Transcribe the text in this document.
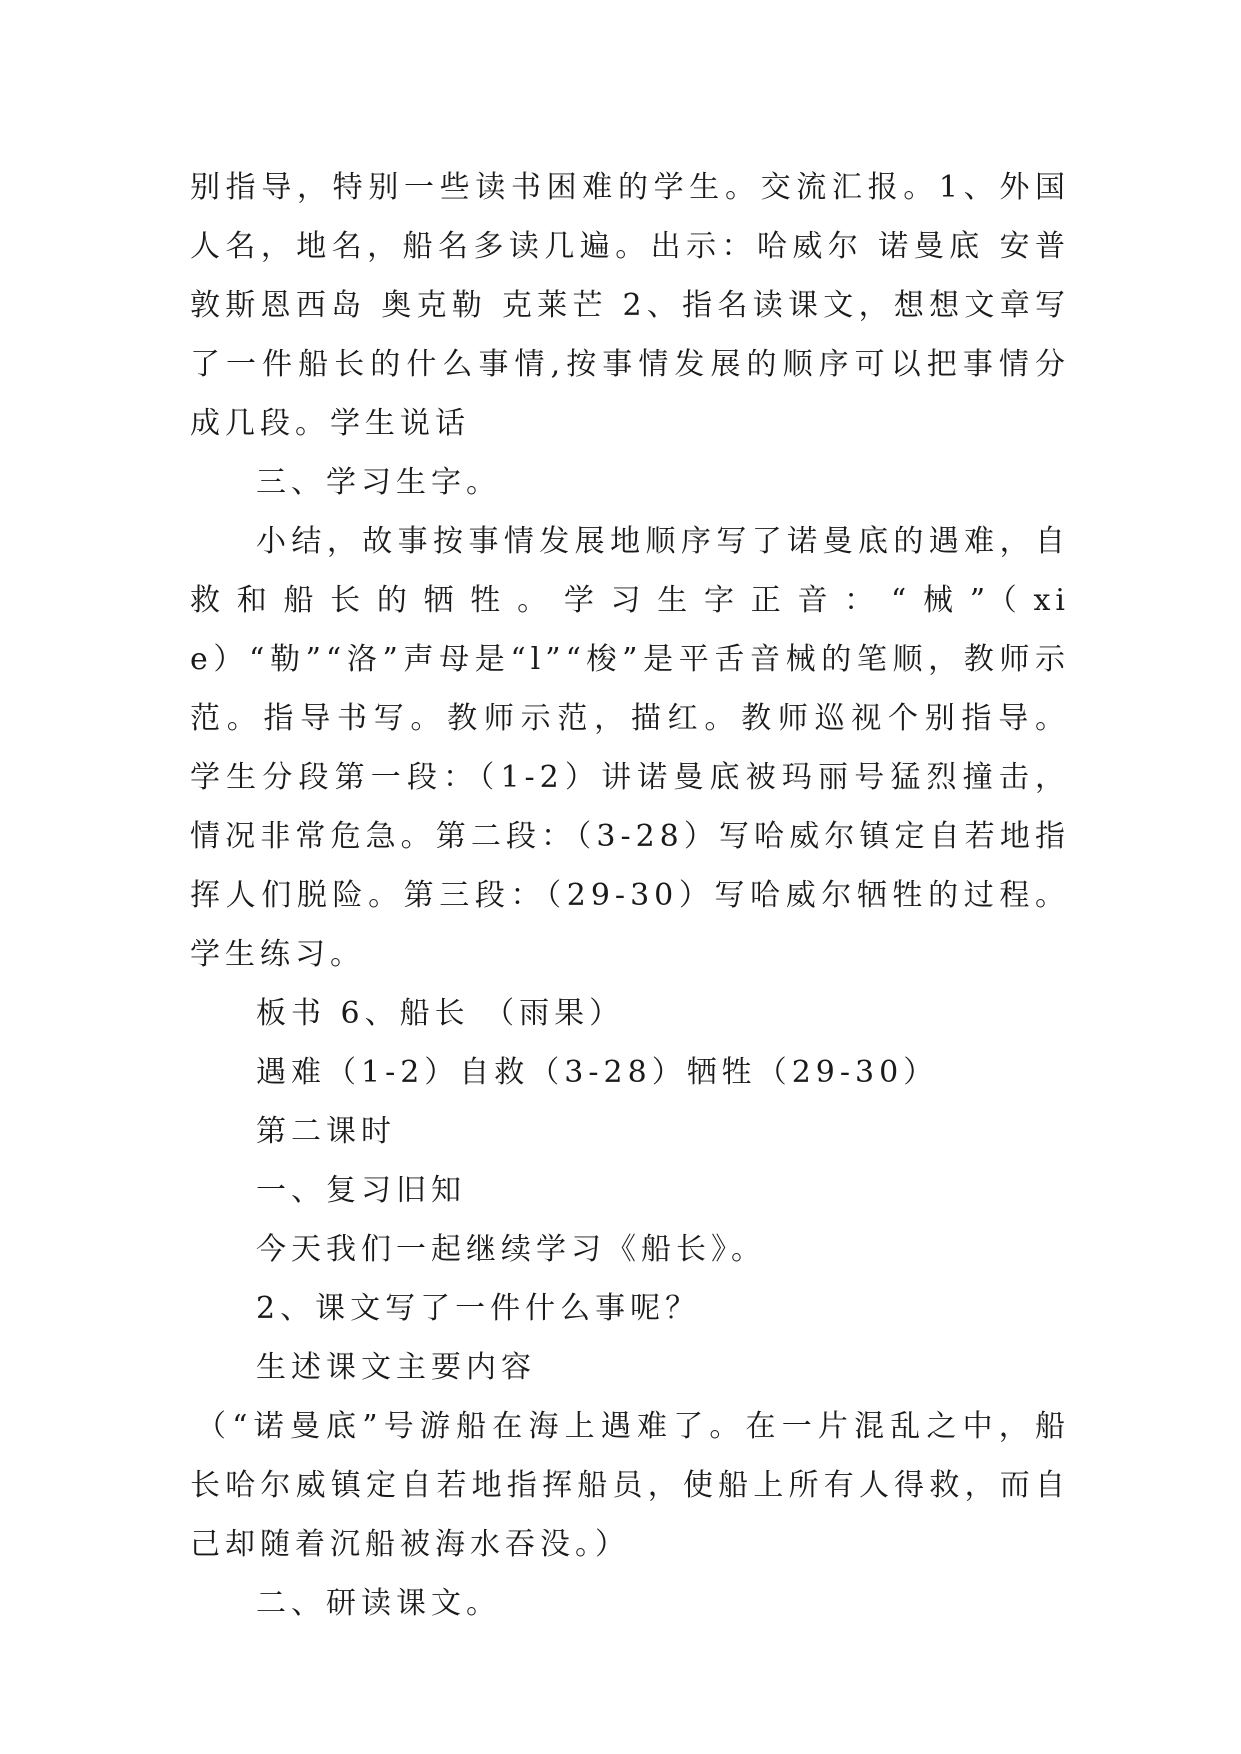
别指导，特别一些读书困难的学生。交流汇报。1、外国人名，地名，船名多读几遍。出示：哈威尔 诺曼底 安普敦斯恩西岛 奥克勒 克莱芒 2、指名读课文，想想文章写了一件船长的什么事情,按事情发展的顺序可以把事情分成几段。学生说话

三、学习生字。

小结，故事按事情发展地顺序写了诺曼底的遇难，自救和船长的牺牲。学习生字正音：“械”（xie）“勒”“洛”声母是“l”“梭”是平舌音械的笔顺，教师示范。指导书写。教师示范，描红。教师巡视个别指导。 学生分段第一段：（1-2）讲诺曼底被玛丽号猛烈撞击，情况非常危急。第二段：（3-28）写哈威尔镇定自若地指挥人们脱险。第三段：（29-30）写哈威尔牺牲的过程。学生练习。

板书 6、船长 （雨果）

遇难（1-2）自救（3-28）牺牲（29-30）

第二课时

一、复习旧知

今天我们一起继续学习《船长》。

2、课文写了一件什么事呢？

生述课文主要内容

（“诺曼底”号游船在海上遇难了。在一片混乱之中，船长哈尔威镇定自若地指挥船员，使船上所有人得救，而自己却随着沉船被海水吞没。）

二、研读课文。
